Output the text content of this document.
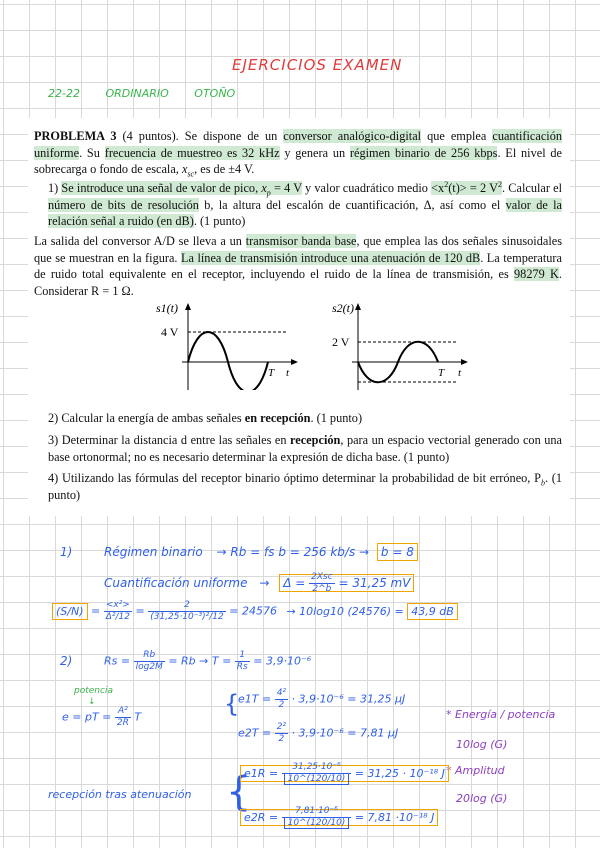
EJERCICIOS EXAMEN
22-22 ORDINARIO OTOÑO
PROBLEMA 3 (4 puntos). Se dispone de un conversor analógico-digital que emplea cuantificación uniforme. Su frecuencia de muestreo es 32 kHz y genera un régimen binario de 256 kbps. El nivel de sobrecarga o fondo de escala, $x_{sc}$, es de ±4 V.
1) Se introduce una señal de valor de pico, $x_p = 4$ V y valor cuadrático medio $<x^2(t)> = 2$ $V^2$. Calcular el número de bits de resolución b, la altura del escalón de cuantificación, Δ, así como el valor de la relación señal a ruido (en dB). (1 punto)
La salida del conversor A/D se lleva a un transmisor banda base, que emplea las dos señales sinusoidales que se muestran en la figura. La línea de transmisión introduce una atenuación de 120 dB. La temperatura de ruido total equivalente en el receptor, incluyendo el ruido de la línea de transmisión, es 98279 K. Considerar R = 1 Ω.
s1(t)
4 V
T t
s2(t)
2 V
T t
2) Calcular la energía de ambas señales en recepción. (1 punto)
3) Determinar la distancia d entre las señales en recepción, para un espacio vectorial generado con una base ortonormal; no es necesario determinar la expresión de dicha base. (1 punto)
4) Utilizando las fórmulas del receptor binario óptimo determinar la probabilidad de bit erróneo, $P_b$. (1 punto)
1)	Régimen binario → Rb = fs b = 256 kb/s → b = 8
Cuantificación uniforme → $\Delta = \frac{\text{2Xsc}}{2\^{}b} = 31,25$ mV
$(S/N) = \frac{\text{<x²>}}{\text{Δ²/12}} = \frac{2}{\text{(31,25·10⁻³)²/12}} = 24576 \to 10\log 10$ (24576) = 43,9 dB
2)	$Rs = \frac{Rb}{\log 2M} = Rb \to T = \frac{1}{Rs} = 3,9\cdot 10^{-6}$
potencia
↓
e = pT = $\frac{\text{A²}}{2R}$ T	{
$e1T = \frac{\text{4²}}{2} \cdot 3,9\cdot 10^{-6} = 31,25$ μJ
$e2T = \frac{\text{2²}}{2} \cdot 3,9\cdot 10^{-6} = 7,81$ μJ
* Energía / potencia
10log (G)
* Amplitud
20log (G)
recepción tras atenuación {
$e1R = \frac{\text{31,25·10⁻⁶}}{10\^{}(120/10)} = 31,25 \cdot 10^{-18}$ J
$e2R = \frac{\text{7,81·10⁻⁶}}{10\^{}(120/10)} = 7,81 \cdot 10^{-18}$ J
